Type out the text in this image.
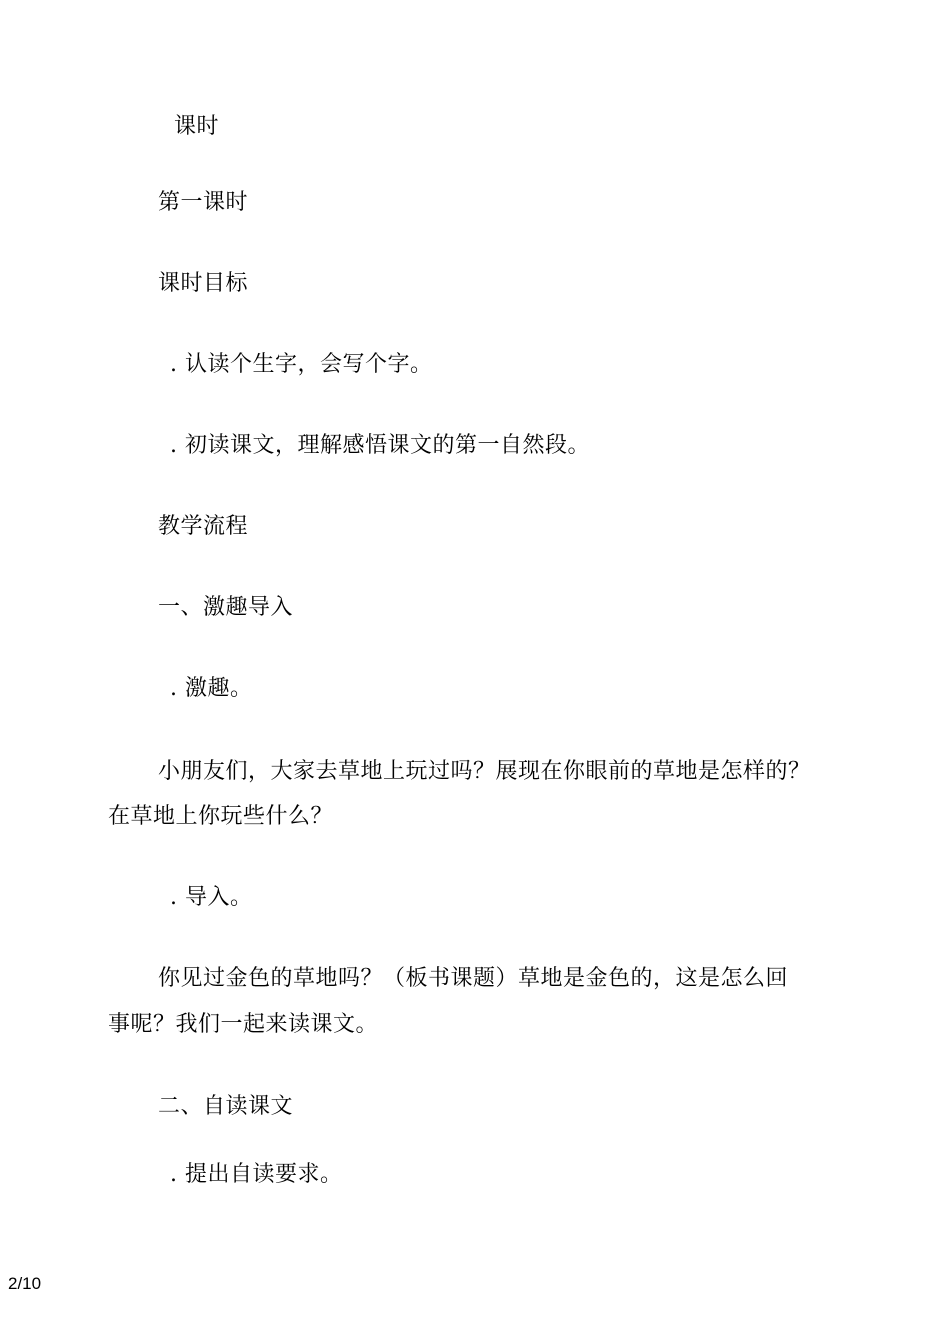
课时
第一课时
课时目标
. 认读个生字，会写个字。
. 初读课文，理解感悟课文的第一自然段。
教学流程
一、激趣导入
. 激趣。
小朋友们，大家去草地上玩过吗？展现在你眼前的草地是怎样的？
在草地上你玩些什么？
. 导入。
你见过金色的草地吗？（板书课题）草地是金色的，这是怎么回
事呢？我们一起来读课文。
二、自读课文
. 提出自读要求。
2/10
